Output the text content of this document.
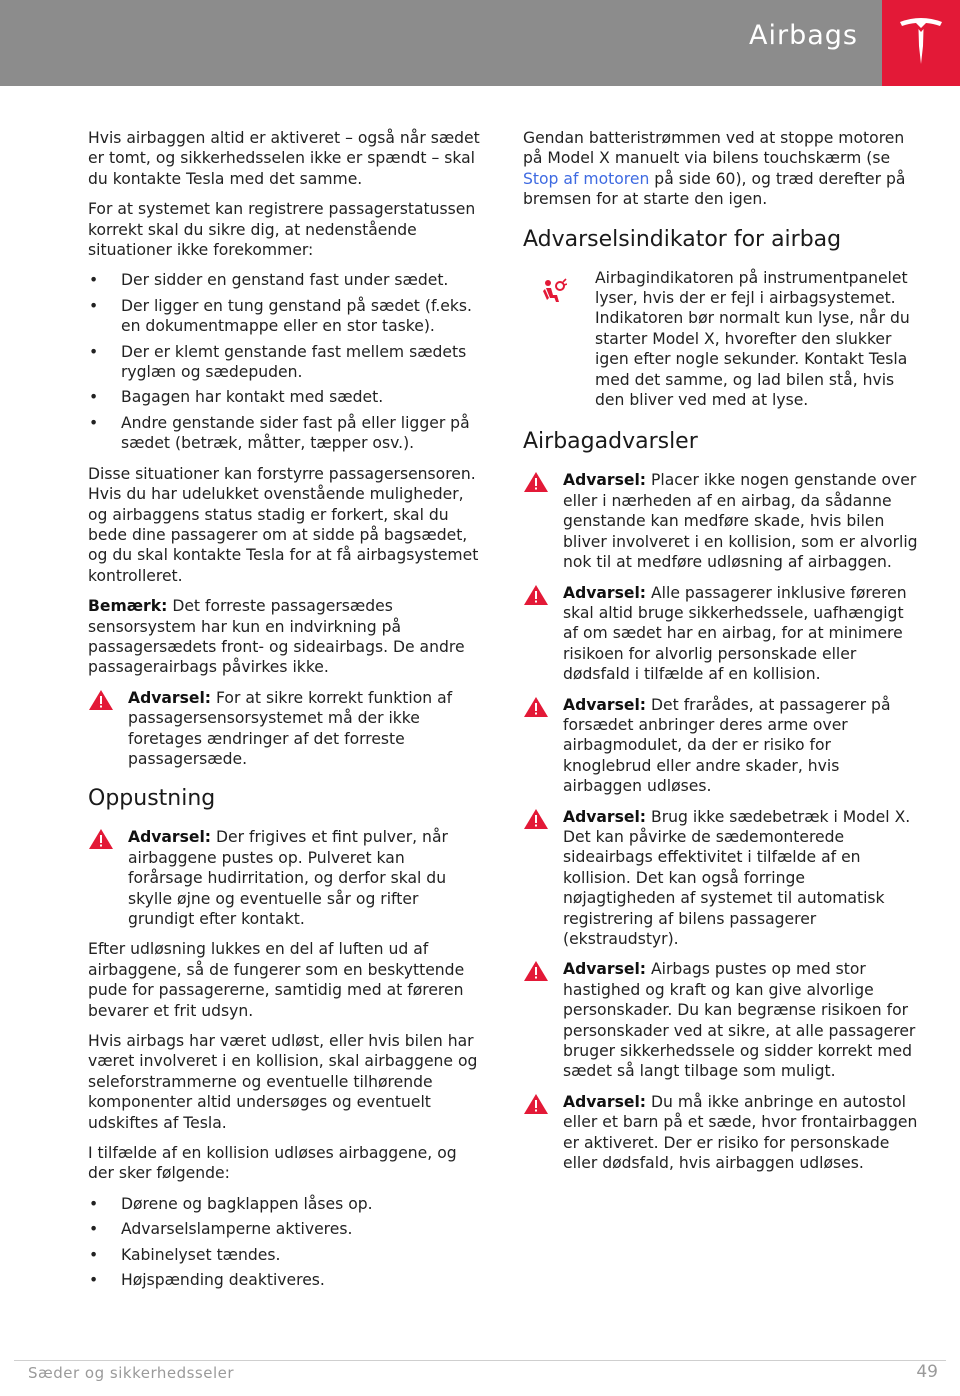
Airbags

Hvis airbaggen altid er aktiveret – også når sædet er tomt, og sikkerhedsselen ikke er spændt – skal du kontakte Tesla med det samme.

For at systemet kan registrere passagerstatussen korrekt skal du sikre dig, at nedenstående situationer ikke forekommer:

• Der sidder en genstand fast under sædet.
• Der ligger en tung genstand på sædet (f.eks. en dokumentmappe eller en stor taske).
• Der er klemt genstande fast mellem sædets ryglæn og sædepuden.
• Bagagen har kontakt med sædet.
• Andre genstande sider fast på eller ligger på sædet (betræk, måtter, tæpper osv.).

Disse situationer kan forstyrre passagersensoren. Hvis du har udelukket ovenstående muligheder, og airbaggens status stadig er forkert, skal du bede dine passagerer om at sidde på bagsædet, og du skal kontakte Tesla for at få airbagsystemet kontrolleret.

Bemærk: Det forreste passagersædes sensorsystem har kun en indvirkning på passagersædets front- og sideairbags. De andre passagerairbags påvirkes ikke.

Advarsel: For at sikre korrekt funktion af passagersensorsystemet må der ikke foretages ændringer af det forreste passagersæde.
Oppustning
Advarsel: Der frigives et fint pulver, når airbaggene pustes op. Pulveret kan forårsage hudirritation, og derfor skal du skylle øjne og eventuelle sår og rifter grundigt efter kontakt.

Efter udløsning lukkes en del af luften ud af airbaggene, så de fungerer som en beskyttende pude for passagererne, samtidig med at føreren bevarer et frit udsyn.

Hvis airbags har været udløst, eller hvis bilen har været involveret i en kollision, skal airbaggene og seleforstrammerne og eventuelle tilhørende komponenter altid undersøges og eventuelt udskiftes af Tesla.

I tilfælde af en kollision udløses airbaggene, og der sker følgende:

• Dørene og bagklappen låses op.
• Advarselslamperne aktiveres.
• Kabinelyset tændes.
• Højspænding deaktiveres.

Gendan batteristrømmen ved at stoppe motoren på Model X manuelt via bilens touchskærm (se Stop af motoren på side 60), og træd derefter på bremsen for at starte den igen.

Advarselsindikator for airbag
Airbagindikatoren på instrumentpanelet lyser, hvis der er fejl i airbagsystemet. Indikatoren bør normalt kun lyse, når du starter Model X, hvorefter den slukker igen efter nogle sekunder. Kontakt Tesla med det samme, og lad bilen stå, hvis den bliver ved med at lyse.
Airbagadvarsler
Advarsel: Placer ikke nogen genstande over eller i nærheden af en airbag, da sådanne genstande kan medføre skade, hvis bilen bliver involveret i en kollision, som er alvorlig nok til at medføre udløsning af airbaggen.
Advarsel: Alle passagerer inklusive føreren skal altid bruge sikkerhedssele, uafhængigt af om sædet har en airbag, for at minimere risikoen for alvorlig personskade eller dødsfald i tilfælde af en kollision.
Advarsel: Det frarådes, at passagerer på forsædet anbringer deres arme over airbagmodulet, da der er risiko for knoglebrud eller andre skader, hvis airbaggen udløses.
Advarsel: Brug ikke sædebetræk i Model X. Det kan påvirke de sædemonterede sideairbags effektivitet i tilfælde af en kollision. Det kan også forringe nøjagtigheden af systemet til automatisk registrering af bilens passagerer (ekstraudstyr).
Advarsel: Airbags pustes op med stor hastighed og kraft og kan give alvorlige personskader. Du kan begrænse risikoen for personskader ved at sikre, at alle passagerer bruger sikkerhedssele og sidder korrekt med sædet så langt tilbage som muligt.
Advarsel: Du må ikke anbringe en autostol eller et barn på et sæde, hvor frontairbaggen er aktiveret. Der er risiko for personskade eller dødsfald, hvis airbaggen udløses.
Sæder og sikkerhedsseler	49
